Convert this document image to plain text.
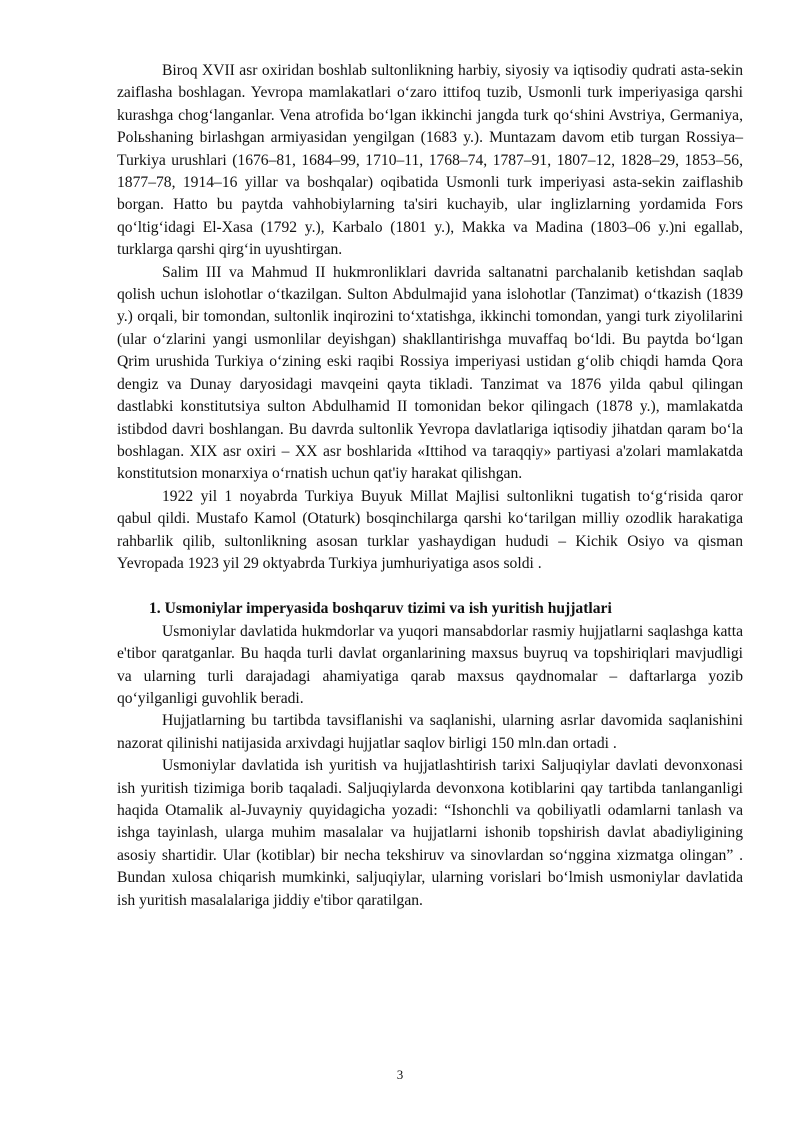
Biroq XVII asr oxiridan boshlab sultonlikning harbiy, siyosiy va iqtisodiy qudrati asta-sekin zaiflasha boshlagan. Yevropa mamlakatlari o‘zaro ittifoq tuzib, Usmonli turk imperiyasiga qarshi kurashga chog‘langanlar. Vena atrofida bo‘lgan ikkinchi jangda turk qo‘shini Avstriya, Germaniya, Polьshaning birlashgan armiyasidan yengilgan (1683 y.). Muntazam davom etib turgan Rossiya–Turkiya urushlari (1676–81, 1684–99, 1710–11, 1768–74, 1787–91, 1807–12, 1828–29, 1853–56, 1877–78, 1914–16 yillar va boshqalar) oqibatida Usmonli turk imperiyasi asta-sekin zaiflashib borgan. Hatto bu paytda vahhobiylarning ta'siri kuchayib, ular inglizlarning yordamida Fors qo‘ltig‘idagi El-Xasa (1792 y.), Karbalo (1801 y.), Makka va Madina (1803–06 y.)ni egallab, turklarga qarshi qirg‘in uyushtirgan.

Salim III va Mahmud II hukmronliklari davrida saltanatni parchalanib ketishdan saqlab qolish uchun islohotlar o‘tkazilgan. Sulton Abdulmajid yana islohotlar (Tanzimat) o‘tkazish (1839 y.) orqali, bir tomondan, sultonlik inqirozini to‘xtatishga, ikkinchi tomondan, yangi turk ziyolilarini (ular o‘zlarini yangi usmonlilar deyishgan) shakllantirishga muvaffaq bo‘ldi. Bu paytda bo‘lgan Qrim urushida Turkiya o‘zining eski raqibi Rossiya imperiyasi ustidan g‘olib chiqdi hamda Qora dengiz va Dunay daryosidagi mavqeini qayta tikladi. Tanzimat va 1876 yilda qabul qilingan dastlabki konstitutsiya sulton Abdulhamid II tomonidan bekor qilingach (1878 y.), mamlakatda istibdod davri boshlangan. Bu davrda sultonlik Yevropa davlatlariga iqtisodiy jihatdan qaram bo‘la boshlagan. XIX asr oxiri – XX asr boshlarida «Ittihod va taraqqiy» partiyasi a'zolari mamlakatda konstitutsion monarxiya o‘rnatish uchun qat'iy harakat qilishgan.

1922 yil 1 noyabrda Turkiya Buyuk Millat Majlisi sultonlikni tugatish to‘g‘risida qaror qabul qildi. Mustafo Kamol (Otaturk) bosqinchilarga qarshi ko‘tarilgan milliy ozodlik harakatiga rahbarlik qilib, sultonlikning asosan turklar yashaydigan hududi – Kichik Osiyo va qisman Yevropada 1923 yil 29 oktyabrda Turkiya jumhuriyatiga asos soldi .

1. Usmoniylar imperyasida boshqaruv tizimi va ish yuritish hujjatlari

Usmoniylar davlatida hukmdorlar va yuqori mansabdorlar rasmiy hujjatlarni saqlashga katta e'tibor qaratganlar. Bu haqda turli davlat organlarining maxsus buyruq va topshiriqlari mavjudligi va ularning turli darajadagi ahamiyatiga qarab maxsus qaydnomalar – daftarlarga yozib qo‘yilganligi guvohlik beradi.

Hujjatlarning bu tartibda tavsiflanishi va saqlanishi, ularning asrlar davomida saqlanishini nazorat qilinishi natijasida arxivdagi hujjatlar saqlov birligi 150 mln.dan ortadi .

Usmoniylar davlatida ish yuritish va hujjatlashtirish tarixi Saljuqiylar davlati devonxonasi ish yuritish tizimiga borib taqaladi. Saljuqiylarda devonxona kotiblarini qay tartibda tanlanganligi haqida Otamalik al-Juvayniy quyidagicha yozadi: “Ishonchli va qobiliyatli odamlarni tanlash va ishga tayinlash, ularga muhim masalalar va hujjatlarni ishonib topshirish davlat abadiyligining asosiy shartidir. Ular (kotiblar) bir necha tekshiruv va sinovlardan so‘nggina xizmatga olingan” . Bundan xulosa chiqarish mumkinki, saljuqiylar, ularning vorislari bo‘lmish usmoniylar davlatida ish yuritish masalalariga jiddiy e'tibor qaratilgan.

3
